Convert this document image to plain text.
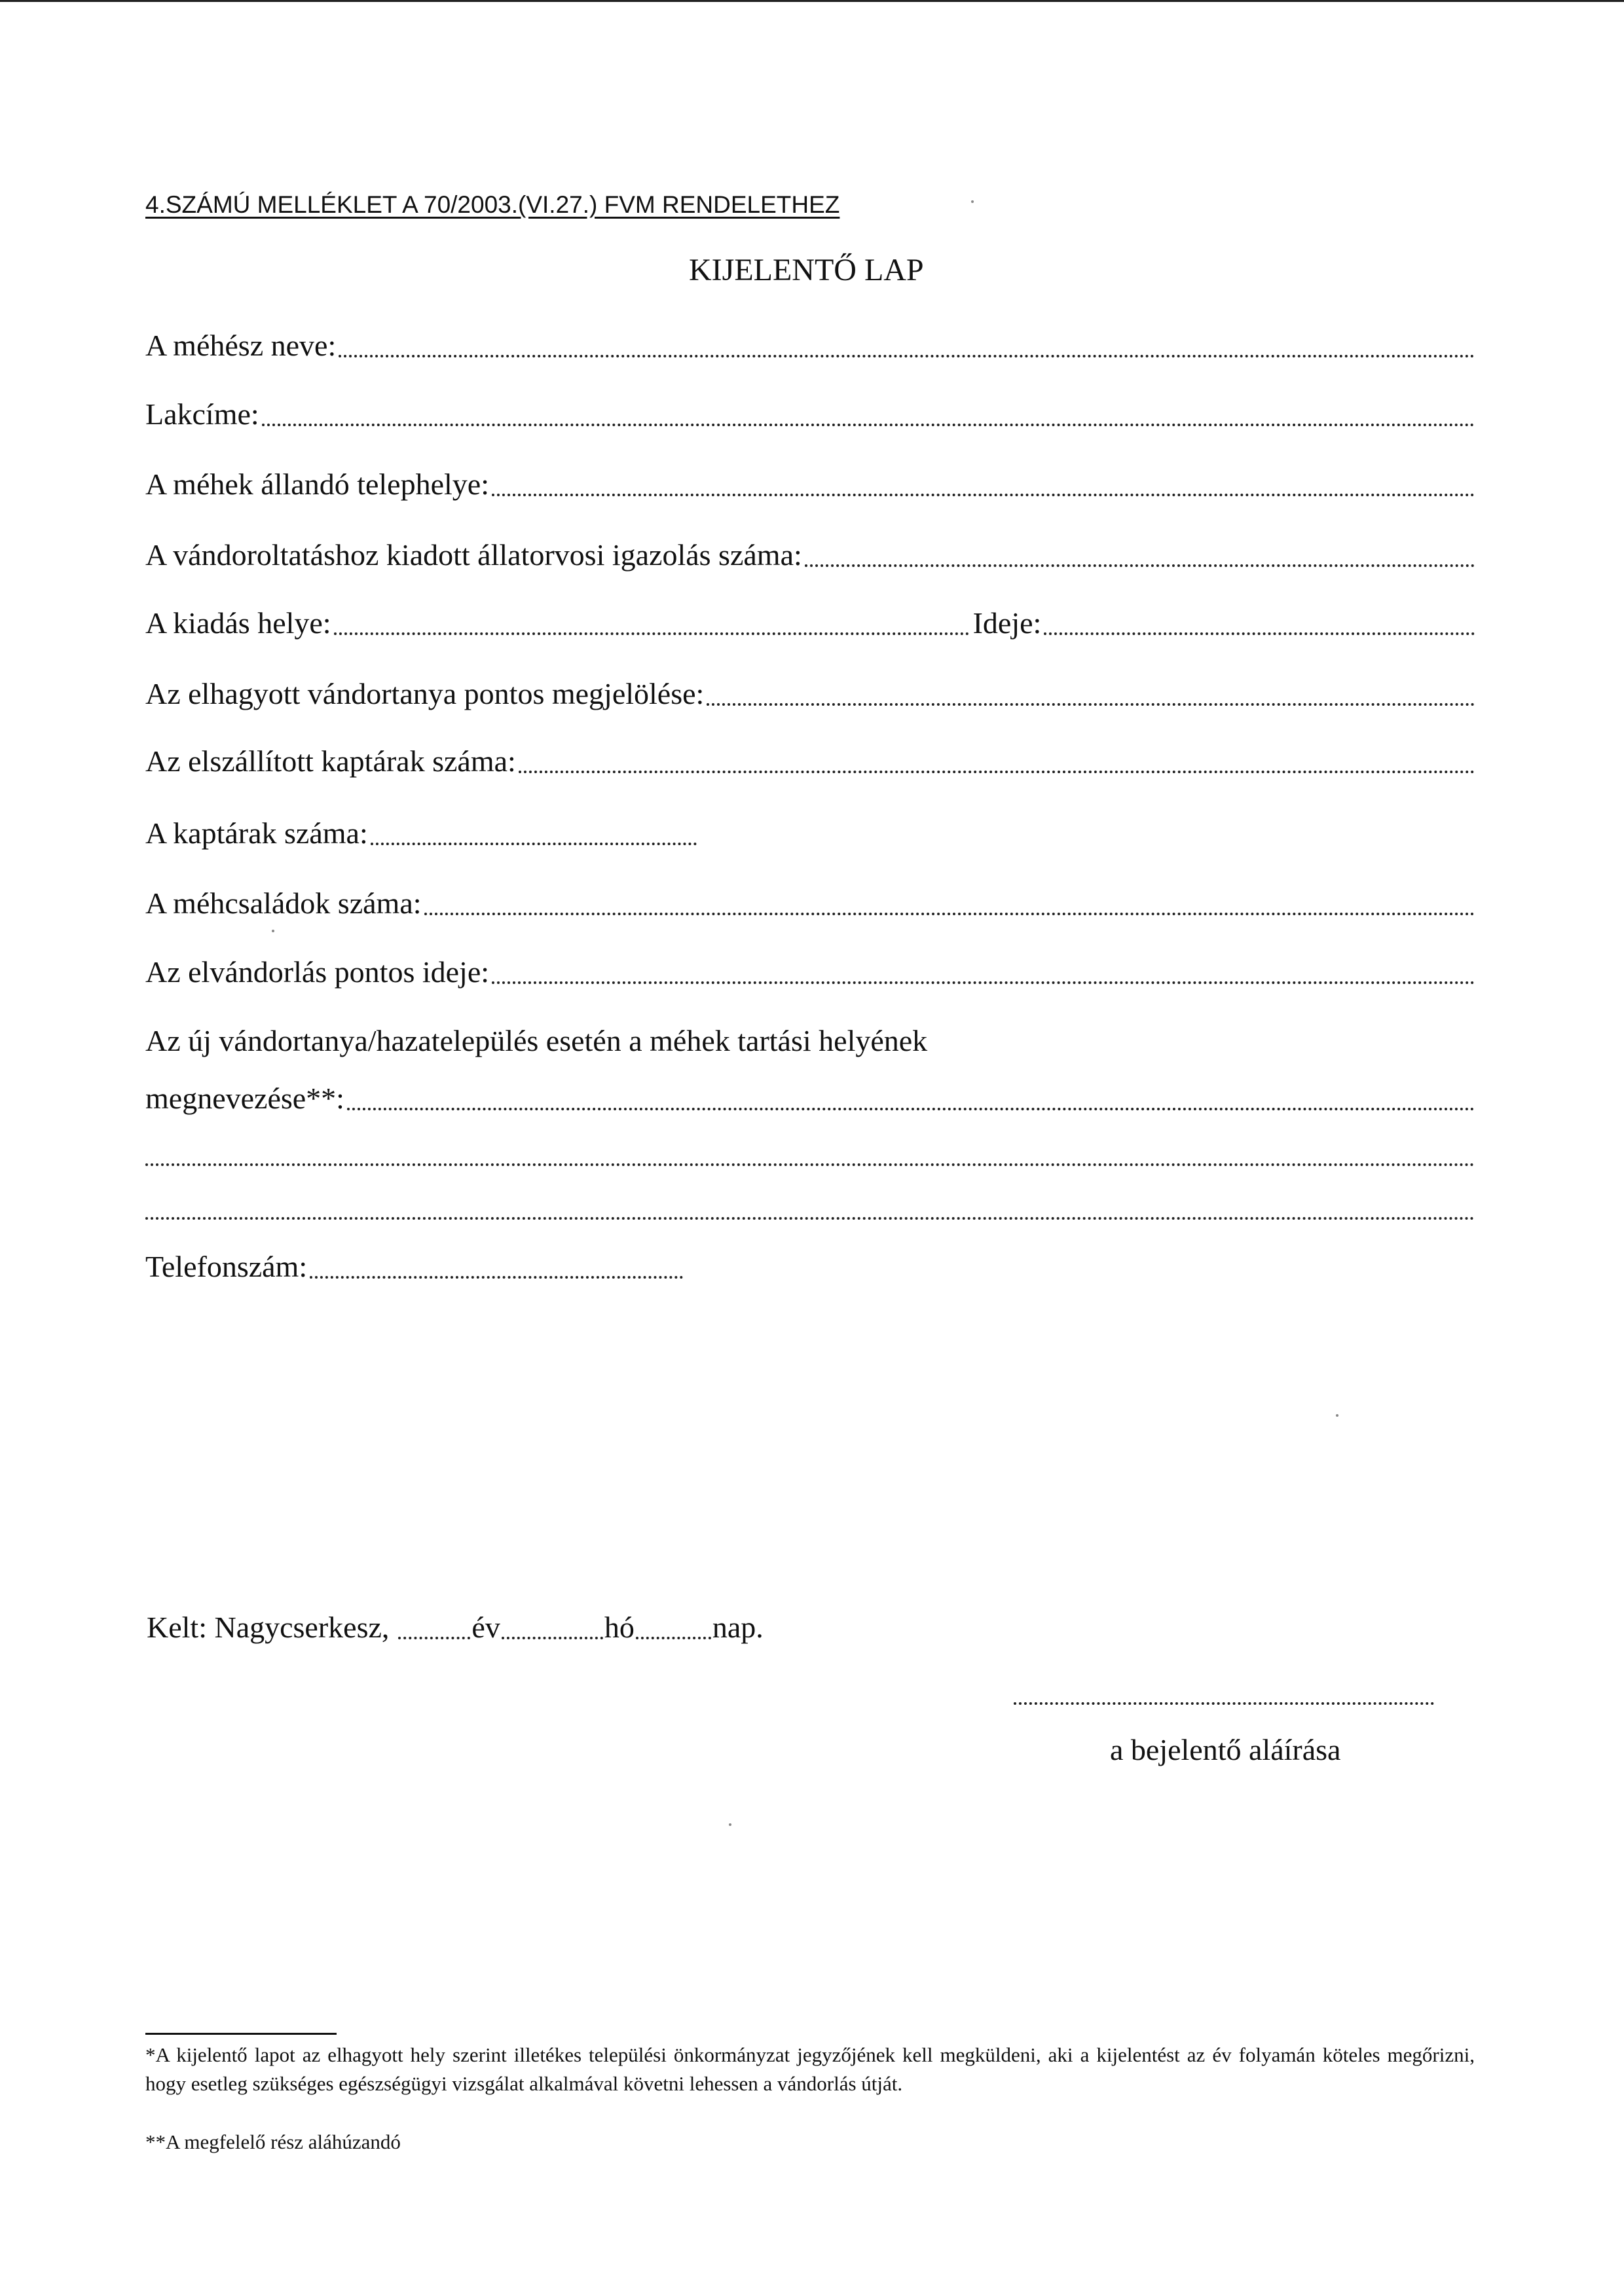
4.SZÁMÚ MELLÉKLET A 70/2003.(VI.27.) FVM RENDELETHEZ
KIJELENTŐ LAP
A méhész neve:
Lakcíme:
A méhek állandó telephelye:
A vándoroltatáshoz kiadott állatorvosi igazolás száma:
A kiadás helye:	Ideje:
Az elhagyott vándortanya pontos megjelölése:
Az elszállított kaptárak száma:
A kaptárak száma:
A méhcsaládok száma:
Az elvándorlás pontos ideje:
Az új vándortanya/hazatelepülés esetén a méhek tartási helyének
megnevezése**:
Telefonszám:
Kelt: Nagycserkesz,	év	hó	nap.
a bejelentő aláírása
*A kijelentő lapot az elhagyott hely szerint illetékes települési önkormányzat jegyzőjének kell megküldeni, aki a kijelentést az év folyamán köteles megőrizni, hogy esetleg szükséges egészségügyi vizsgálat alkalmával követni lehessen a vándorlás útját.
**A megfelelő rész aláhúzandó
